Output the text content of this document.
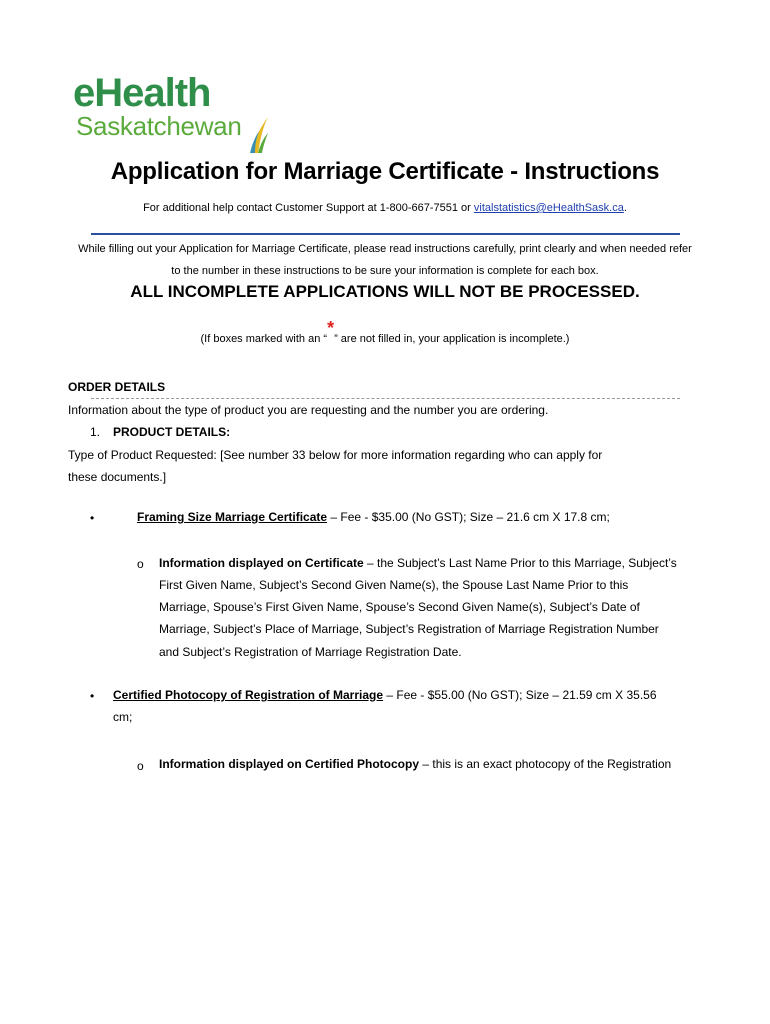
eHealth
Saskatchewan
Application for Marriage Certificate - Instructions
For additional help contact Customer Support at 1-800-667-7551 or vitalstatistics@eHealthSask.ca.
While filling out your Application for Marriage Certificate, please read instructions carefully, print clearly and when needed refer
to the number in these instructions to be sure your information is complete for each box.
ALL INCOMPLETE APPLICATIONS WILL NOT BE PROCESSED.
(If boxes marked with an “*” are not filled in, your application is incomplete.)
ORDER DETAILS
Information about the type of product you are requesting and the number you are ordering.
1. PRODUCT DETAILS:
Type of Product Requested: [See number 33 below for more information regarding who can apply for
these documents.]
•	Framing Size Marriage Certificate – Fee - $35.00 (No GST); Size – 21.6 cm X 17.8 cm;
o Information displayed on Certificate – the Subject’s Last Name Prior to this Marriage, Subject’s
First Given Name, Subject’s Second Given Name(s), the Spouse Last Name Prior to this
Marriage, Spouse’s First Given Name, Spouse’s Second Given Name(s), Subject’s Date of
Marriage, Subject’s Place of Marriage, Subject’s Registration of Marriage Registration Number
and Subject’s Registration of Marriage Registration Date.
• Certified Photocopy of Registration of Marriage – Fee - $55.00 (No GST); Size – 21.59 cm X 35.56
cm;
o Information displayed on Certified Photocopy – this is an exact photocopy of the Registration
